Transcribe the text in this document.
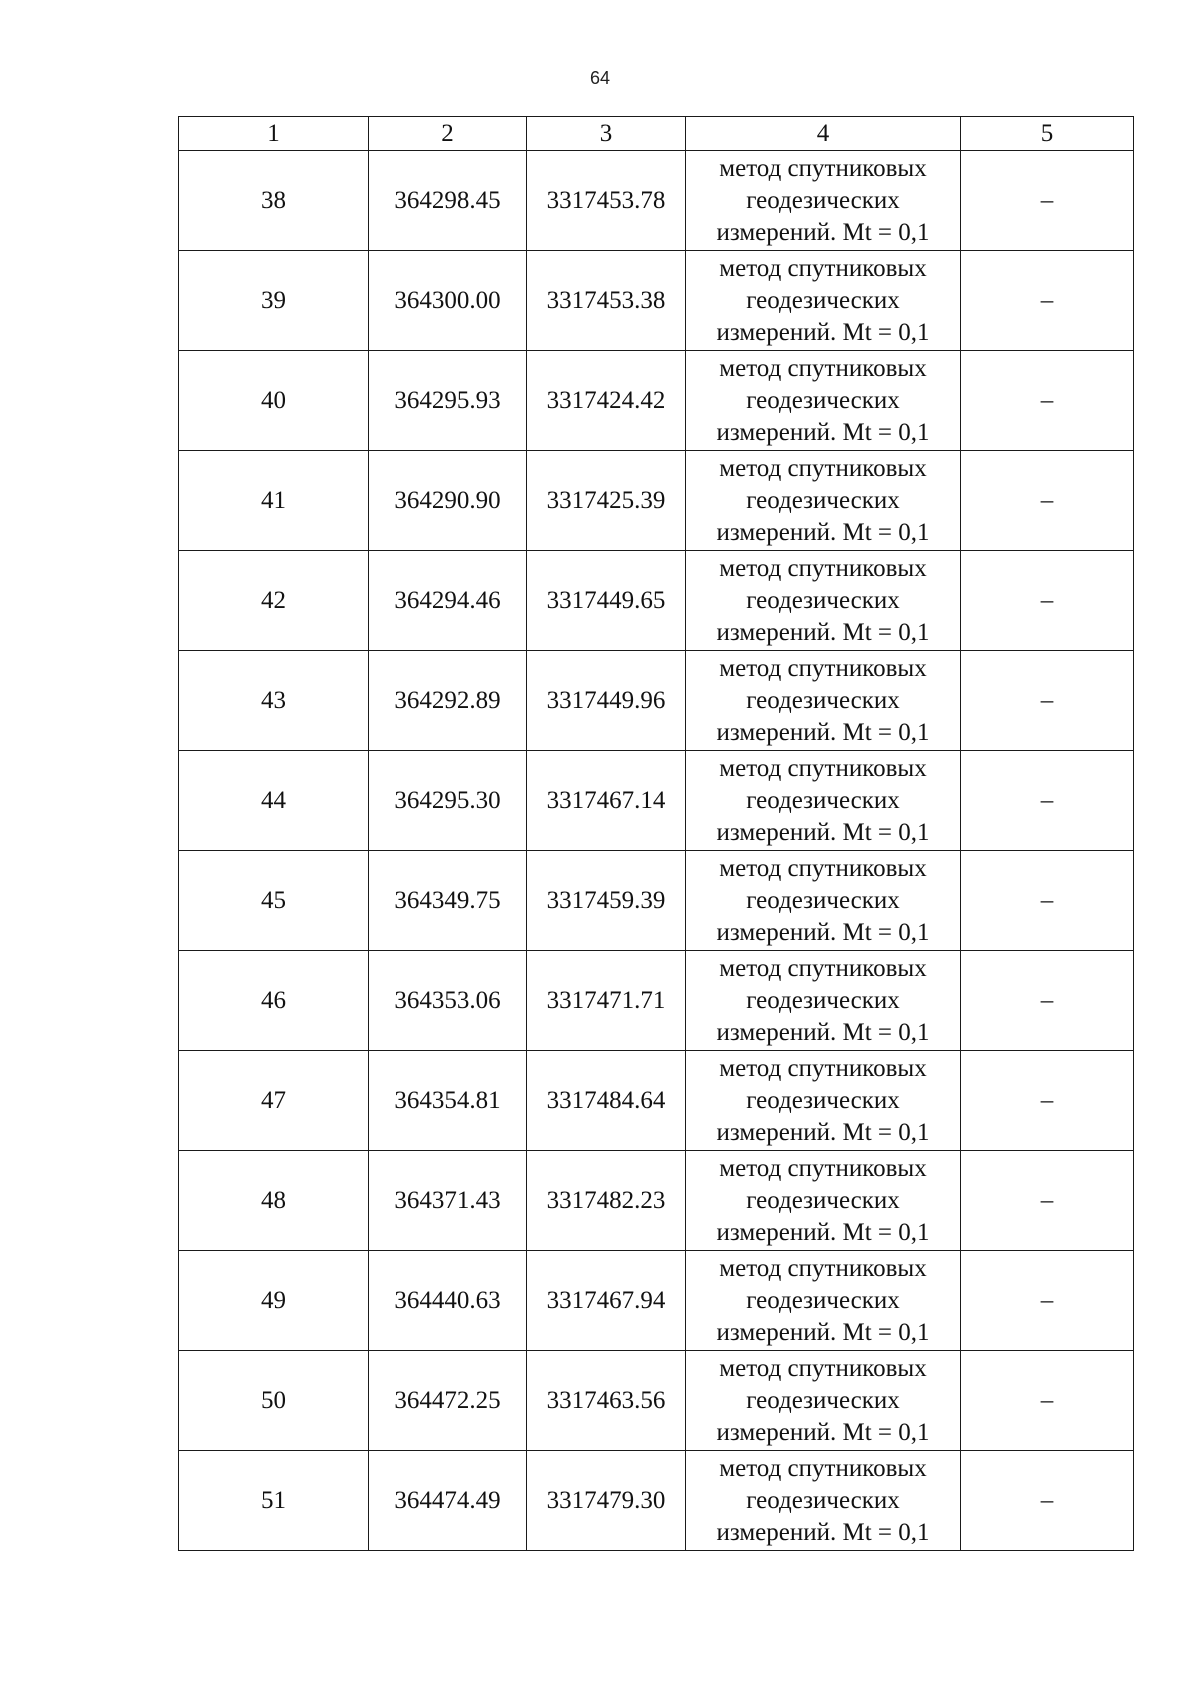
64
1	2	3	4	5
38	364298.45	3317453.78	метод спутниковых
геодезических
измерений. Mt = 0,1	–
39	364300.00	3317453.38	метод спутниковых
геодезических
измерений. Mt = 0,1	–
40	364295.93	3317424.42	метод спутниковых
геодезических
измерений. Mt = 0,1	–
41	364290.90	3317425.39	метод спутниковых
геодезических
измерений. Mt = 0,1	–
42	364294.46	3317449.65	метод спутниковых
геодезических
измерений. Mt = 0,1	–
43	364292.89	3317449.96	метод спутниковых
геодезических
измерений. Mt = 0,1	–
44	364295.30	3317467.14	метод спутниковых
геодезических
измерений. Mt = 0,1	–
45	364349.75	3317459.39	метод спутниковых
геодезических
измерений. Mt = 0,1	–
46	364353.06	3317471.71	метод спутниковых
геодезических
измерений. Mt = 0,1	–
47	364354.81	3317484.64	метод спутниковых
геодезических
измерений. Mt = 0,1	–
48	364371.43	3317482.23	метод спутниковых
геодезических
измерений. Mt = 0,1	–
49	364440.63	3317467.94	метод спутниковых
геодезических
измерений. Mt = 0,1	–
50	364472.25	3317463.56	метод спутниковых
геодезических
измерений. Mt = 0,1	–
51	364474.49	3317479.30	метод спутниковых
геодезических
измерений. Mt = 0,1	–
